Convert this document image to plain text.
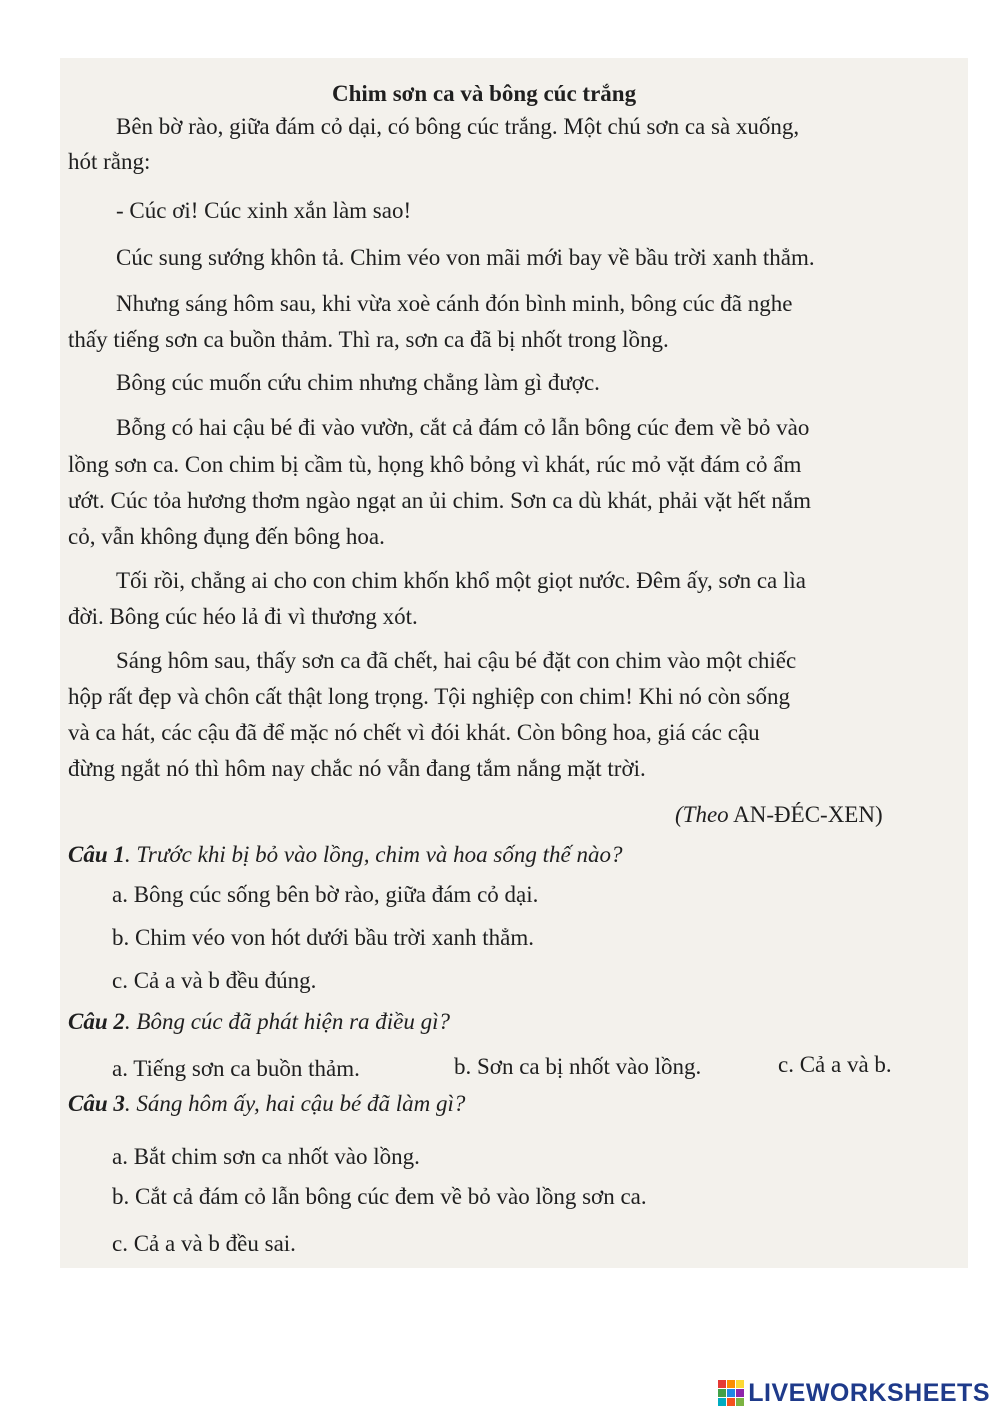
Chim sơn ca và bông cúc trắng
Bên bờ rào, giữa đám cỏ dại, có bông cúc trắng. Một chú sơn ca sà xuống,
hót rằng:
- Cúc ơi! Cúc xinh xắn làm sao!
Cúc sung sướng khôn tả. Chim véo von mãi mới bay về bầu trời xanh thẳm.
Nhưng sáng hôm sau, khi vừa xoè cánh đón bình minh, bông cúc đã nghe
thấy tiếng sơn ca buồn thảm. Thì ra, sơn ca đã bị nhốt trong lồng.
Bông cúc muốn cứu chim nhưng chẳng làm gì được.
Bỗng có hai cậu bé đi vào vườn, cắt cả đám cỏ lẫn bông cúc đem về bỏ vào
lồng sơn ca. Con chim bị cầm tù, họng khô bỏng vì khát, rúc mỏ vặt đám cỏ ẩm
ướt. Cúc tỏa hương thơm ngào ngạt an ủi chim. Sơn ca dù khát, phải vặt hết nắm
cỏ, vẫn không đụng đến bông hoa.
Tối rồi, chẳng ai cho con chim khốn khổ một giọt nước. Đêm ấy, sơn ca lìa
đời. Bông cúc héo lả đi vì thương xót.
Sáng hôm sau, thấy sơn ca đã chết, hai cậu bé đặt con chim vào một chiếc
hộp rất đẹp và chôn cất thật long trọng. Tội nghiệp con chim! Khi nó còn sống
và ca hát, các cậu đã để mặc nó chết vì đói khát. Còn bông hoa, giá các cậu
đừng ngắt nó thì hôm nay chắc nó vẫn đang tắm nắng mặt trời.
(Theo AN-ĐÉC-XEN)
Câu 1. Trước khi bị bỏ vào lồng, chim và hoa sống thế nào?
a. Bông cúc sống bên bờ rào, giữa đám cỏ dại.
b. Chim véo von hót dưới bầu trời xanh thẳm.
c. Cả a và b đều đúng.
Câu 2. Bông cúc đã phát hiện ra điều gì?
a. Tiếng sơn ca buồn thảm.	b. Sơn ca bị nhốt vào lồng.	c. Cả a và b.
Câu 3. Sáng hôm ấy, hai cậu bé đã làm gì?
a. Bắt chim sơn ca nhốt vào lồng.
b. Cắt cả đám cỏ lẫn bông cúc đem về bỏ vào lồng sơn ca.
c. Cả a và b đều sai.
LIVEWORKSHEETS
